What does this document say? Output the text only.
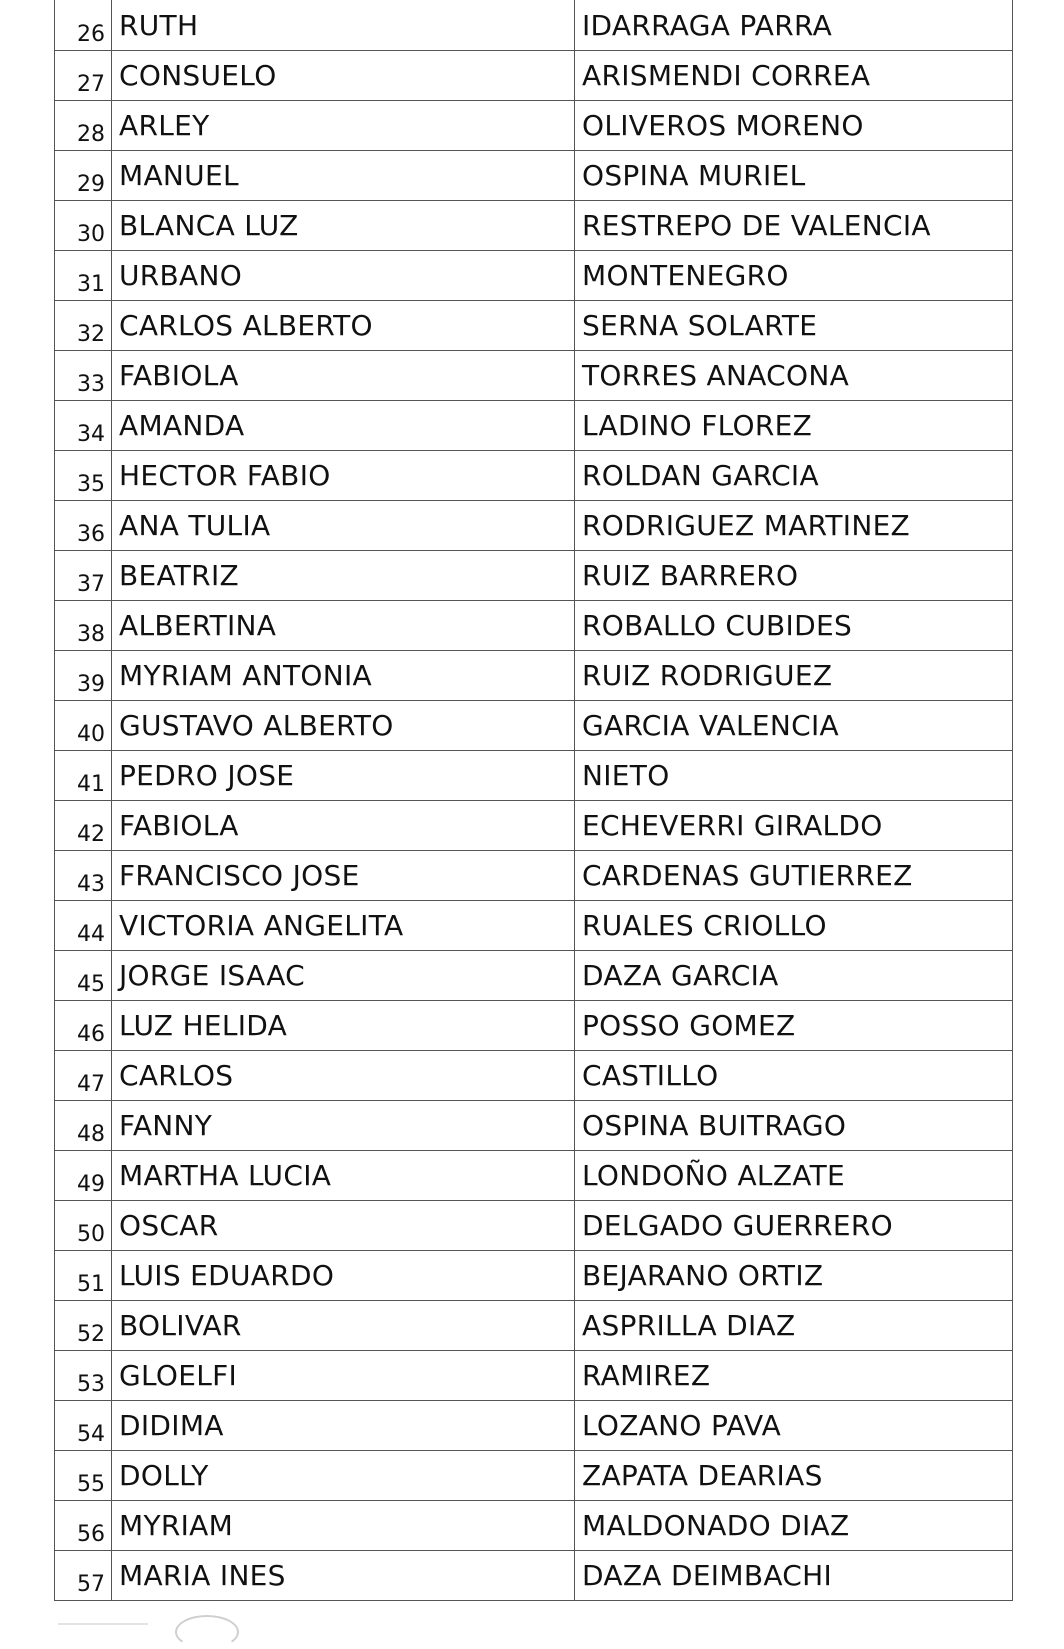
26	RUTH	IDARRAGA PARRA
27	CONSUELO	ARISMENDI CORREA
28	ARLEY	OLIVEROS MORENO
29	MANUEL	OSPINA MURIEL
30	BLANCA LUZ	RESTREPO DE VALENCIA
31	URBANO	MONTENEGRO
32	CARLOS ALBERTO	SERNA SOLARTE
33	FABIOLA	TORRES ANACONA
34	AMANDA	LADINO FLOREZ
35	HECTOR FABIO	ROLDAN GARCIA
36	ANA TULIA	RODRIGUEZ MARTINEZ
37	BEATRIZ	RUIZ BARRERO
38	ALBERTINA	ROBALLO CUBIDES
39	MYRIAM ANTONIA	RUIZ RODRIGUEZ
40	GUSTAVO ALBERTO	GARCIA VALENCIA
41	PEDRO JOSE	NIETO
42	FABIOLA	ECHEVERRI GIRALDO
43	FRANCISCO JOSE	CARDENAS GUTIERREZ
44	VICTORIA ANGELITA	RUALES CRIOLLO
45	JORGE ISAAC	DAZA GARCIA
46	LUZ HELIDA	POSSO GOMEZ
47	CARLOS	CASTILLO
48	FANNY	OSPINA BUITRAGO
49	MARTHA LUCIA	LONDOÑO ALZATE
50	OSCAR	DELGADO GUERRERO
51	LUIS EDUARDO	BEJARANO ORTIZ
52	BOLIVAR	ASPRILLA DIAZ
53	GLOELFI	RAMIREZ
54	DIDIMA	LOZANO PAVA
55	DOLLY	ZAPATA DEARIAS
56	MYRIAM	MALDONADO DIAZ
57	MARIA INES	DAZA DEIMBACHI
